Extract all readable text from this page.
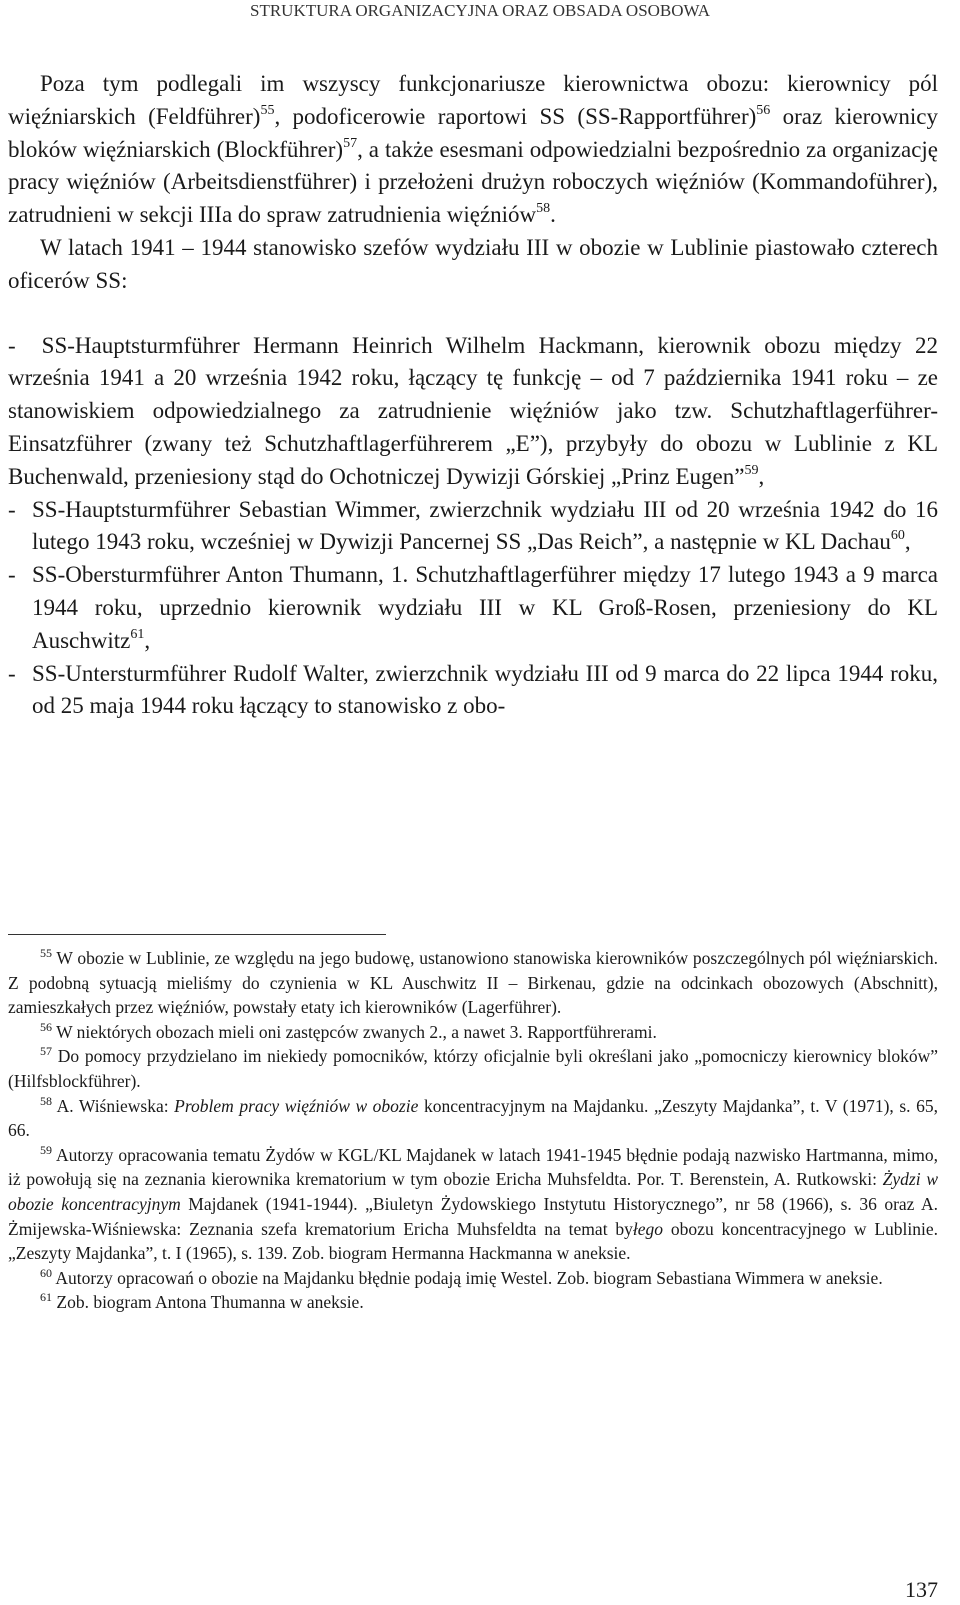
STRUKTURA ORGANIZACYJNA ORAZ OBSADA OSOBOWA

Poza tym podlegali im wszyscy funkcjonariusze kierownictwa obozu: kierownicy pól więźniarskich (Feldführer)$^{55}$, podoficerowie raportowi SS (SS-Rapportführer)$^{56}$ oraz kierownicy bloków więźniarskich (Blockführer)$^{57}$, a także esesmani odpowiedzialni bezpośrednio za organizację pracy więźniów (Arbeitsdienstführer) i przełożeni drużyn roboczych więźniów (Kommandoführer), zatrudnieni w sekcji IIIa do spraw zatrudnienia więźniów$^{58}$.

W latach 1941 – 1944 stanowisko szefów wydziału III w obozie w Lublinie piastowało czterech oficerów SS:

- SS-Hauptsturmführer Hermann Heinrich Wilhelm Hackmann, kierownik obozu między 22 września 1941 a 20 września 1942 roku, łączący tę funkcję – od 7 października 1941 roku – ze stanowiskiem odpowiedzialnego za zatrudnienie więźniów jako tzw. Schutzhaftlagerführer-Einsatzführer (zwany też Schutzhaftlagerführerem „E”), przybyły do obozu w Lublinie z KL Buchenwald, przeniesiony stąd do Ochotniczej Dywizji Górskiej „Prinz Eugen”$^{59}$,
- SS-Hauptsturmführer Sebastian Wimmer, zwierzchnik wydziału III od 20 września 1942 do 16 lutego 1943 roku, wcześniej w Dywizji Pancernej SS „Das Reich”, a następnie w KL Dachau$^{60}$,
- SS-Obersturmführer Anton Thumann, 1. Schutzhaftlagerführer między 17 lutego 1943 a 9 marca 1944 roku, uprzednio kierownik wydziału III w KL Groß-Rosen, przeniesiony do KL Auschwitz$^{61}$,
- SS-Untersturmführer Rudolf Walter, zwierzchnik wydziału III od 9 marca do 22 lipca 1944 roku, od 25 maja 1944 roku łączący to stanowisko z obo-

$^{55}$ W obozie w Lublinie, ze względu na jego budowę, ustanowiono stanowiska kierowników poszczególnych pól więźniarskich. Z podobną sytuacją mieliśmy do czynienia w KL Auschwitz II – Birkenau, gdzie na odcinkach obozowych (Abschnitt), zamieszkałych przez więźniów, powstały etaty ich kierowników (Lagerführer).

$^{56}$ W niektórych obozach mieli oni zastępców zwanych 2., a nawet 3. Rapportführerami.

$^{57}$ Do pomocy przydzielano im niekiedy pomocników, którzy oficjalnie byli określani jako „pomocniczy kierownicy bloków” (Hilfsblockführer).

$^{58}$ A. Wiśniewska: Problem pracy więźniów w obozie koncentracyjnym na Majdanku. „Zeszyty Majdanka”, t. V (1971), s. 65, 66.

$^{59}$ Autorzy opracowania tematu Żydów w KGL/KL Majdanek w latach 1941-1945 błędnie podają nazwisko Hartmanna, mimo, iż powołują się na zeznania kierownika krematorium w tym obozie Ericha Muhsfeldta. Por. T. Berenstein, A. Rutkowski: Żydzi w obozie koncentracyjnym Majdanek (1941-1944). „Biuletyn Żydowskiego Instytutu Historycznego”, nr 58 (1966), s. 36 oraz A. Żmijewska-Wiśniewska: Zeznania szefa krematorium Ericha Muhsfeldta na temat byłego obozu koncentracyjnego w Lublinie. „Zeszyty Majdanka”, t. I (1965), s. 139. Zob. biogram Hermanna Hackmanna w aneksie.

$^{60}$ Autorzy opracowań o obozie na Majdanku błędnie podają imię Westel. Zob. biogram Sebastiana Wimmera w aneksie.

$^{61}$ Zob. biogram Antona Thumanna w aneksie.

137
